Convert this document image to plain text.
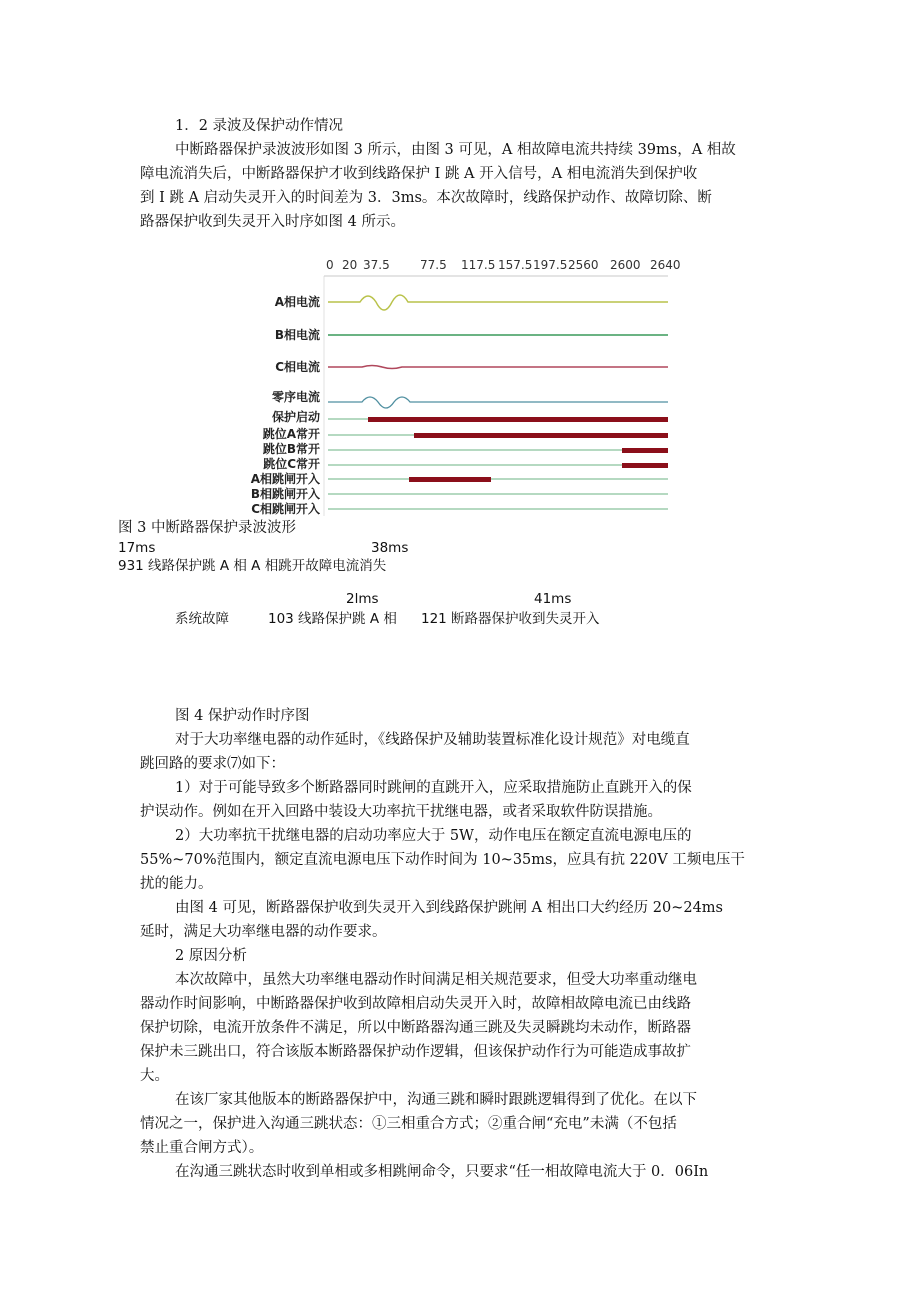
1．2 录波及保护动作情况
中断路器保护录波波形如图 3 所示，由图 3 可见，A 相故障电流共持续 39ms，A 相故
障电流消失后，中断路器保护才收到线路保护 I 跳 A 开入信号，A 相电流消失到保护收
到 I 跳 A 启动失灵开入的时间差为 3．3ms。本次故障时，线路保护动作、故障切除、断
路器保护收到失灵开入时序如图 4 所示。
0 20 37.5	77.5 117.5 157.5 197.5 2560 2600 2640
A相电流
B相电流
C相电流
零序电流
保护启动
跳位A常开
跳位B常开
跳位C常开
A相跳闸开入
B相跳闸开入
C相跳闸开入
图 3 中断路器保护录波波形
17ms	38ms
931 线路保护跳 A 相 A 相跳开故障电流消失
2lms	41ms
系统故障	103 线路保护跳 A 相 121 断路器保护收到失灵开入
图 4 保护动作时序图
对于大功率继电器的动作延时，《线路保护及辅助装置标准化设计规范》对电缆直
跳回路的要求⑺如下：
1）对于可能导致多个断路器同时跳闸的直跳开入，应采取措施防止直跳开入的保
护误动作。例如在开入回路中装设大功率抗干扰继电器，或者采取软件防误措施。
2）大功率抗干扰继电器的启动功率应大于 5W，动作电压在额定直流电源电压的
55%~70%范围内，额定直流电源电压下动作时间为 10~35ms，应具有抗 220V 工频电压干
扰的能力。
由图 4 可见，断路器保护收到失灵开入到线路保护跳闸 A 相出口大约经历 20~24ms
延时，满足大功率继电器的动作要求。
2 原因分析
本次故障中，虽然大功率继电器动作时间满足相关规范要求，但受大功率重动继电
器动作时间影响，中断路器保护收到故障相启动失灵开入时，故障相故障电流已由线路
保护切除，电流开放条件不满足，所以中断路器沟通三跳及失灵瞬跳均未动作，断路器
保护未三跳出口，符合该版本断路器保护动作逻辑，但该保护动作行为可能造成事故扩
大。
在该厂家其他版本的断路器保护中，沟通三跳和瞬时跟跳逻辑得到了优化。在以下
情况之一，保护进入沟通三跳状态：①三相重合方式；②重合闸“充电”未满（不包括
禁止重合闸方式）。
在沟通三跳状态时收到单相或多相跳闸命令，只要求“任一相故障电流大于 0．06In
